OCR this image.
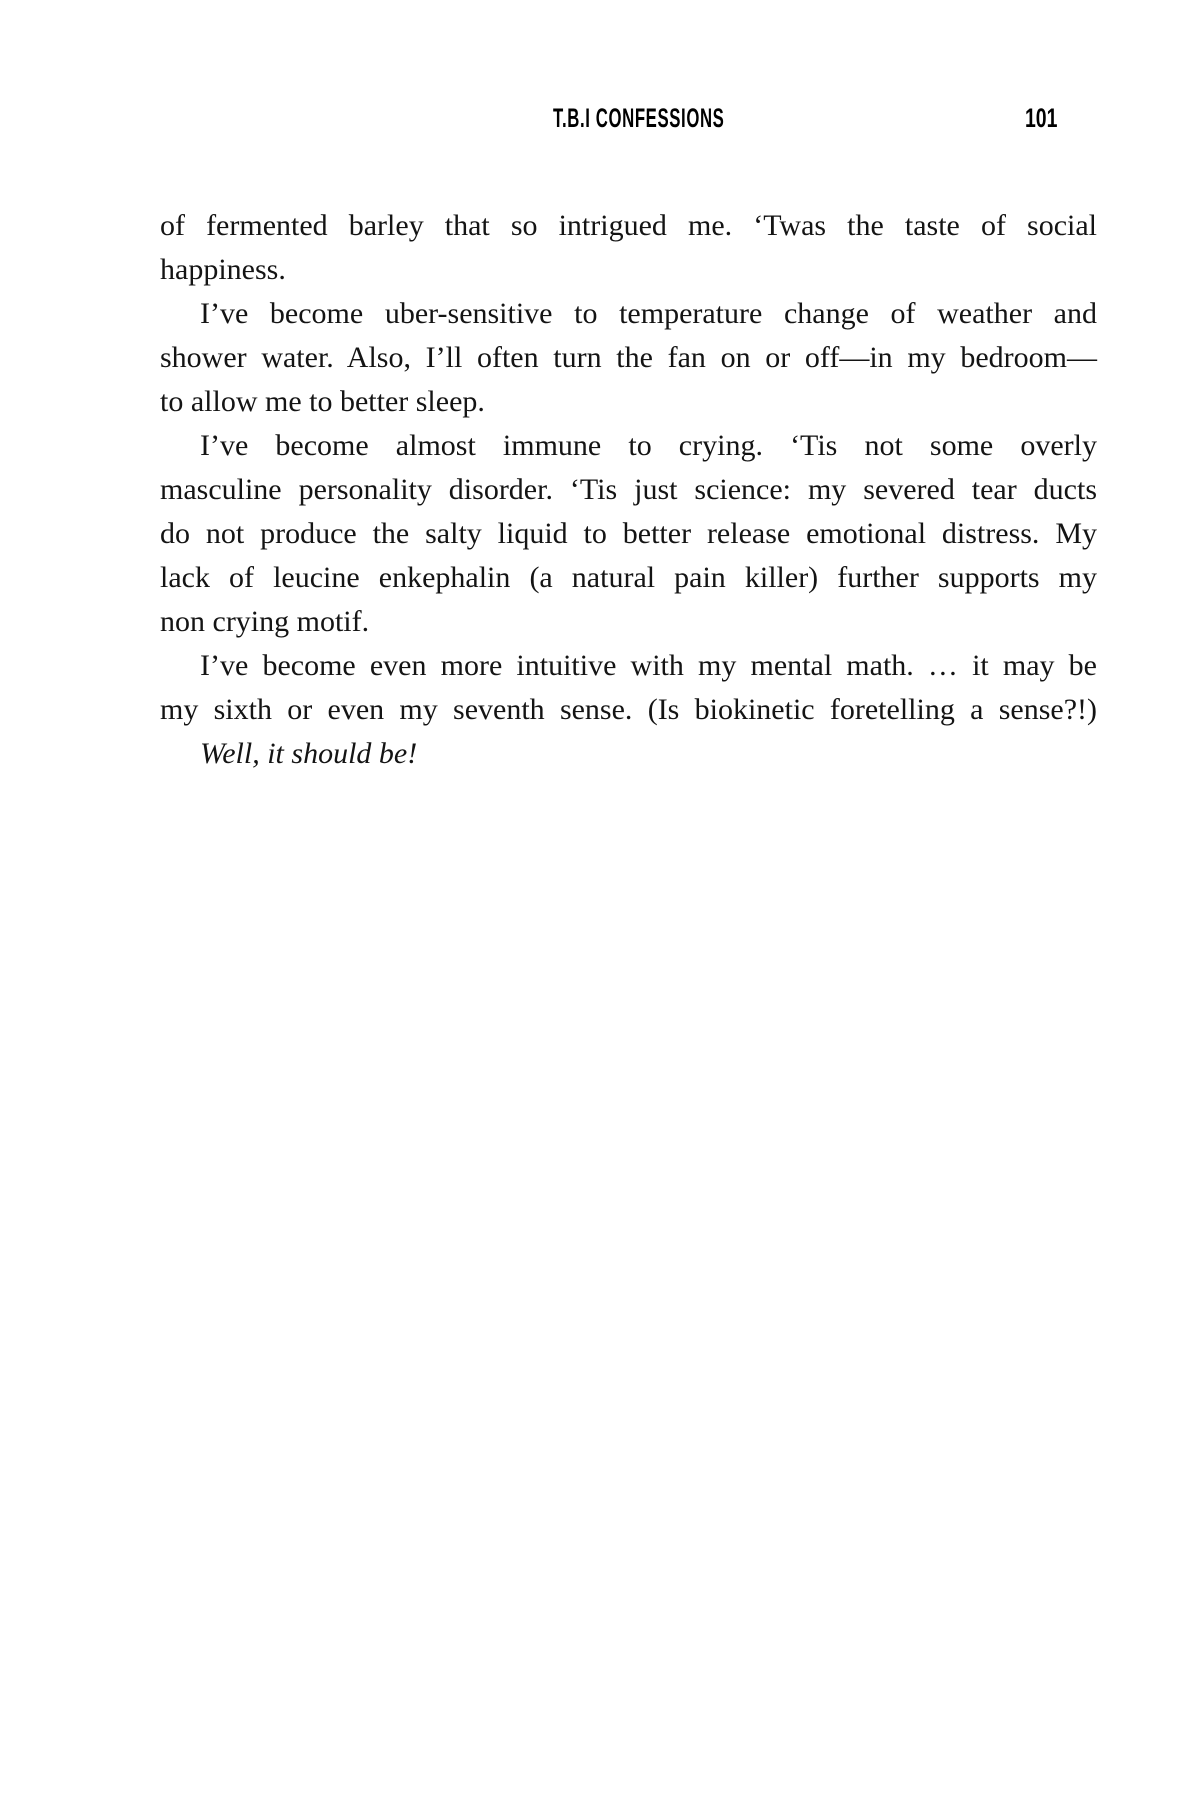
T.B.I CONFESSIONS	101

of fermented barley that so intrigued me. ‘Twas the taste of social
happiness.

I’ve become uber-sensitive to temperature change of weather and
shower water. Also, I’ll often turn the fan on or off—in my bedroom—
to allow me to better sleep.

I’ve become almost immune to crying. ‘Tis not some overly
masculine personality disorder. ‘Tis just science: my severed tear ducts
do not produce the salty liquid to better release emotional distress. My
lack of leucine enkephalin (a natural pain killer) further supports my
non crying motif.

I’ve become even more intuitive with my mental math. … it may be
my sixth or even my seventh sense. (Is biokinetic foretelling a sense?!)

Well, it should be!
